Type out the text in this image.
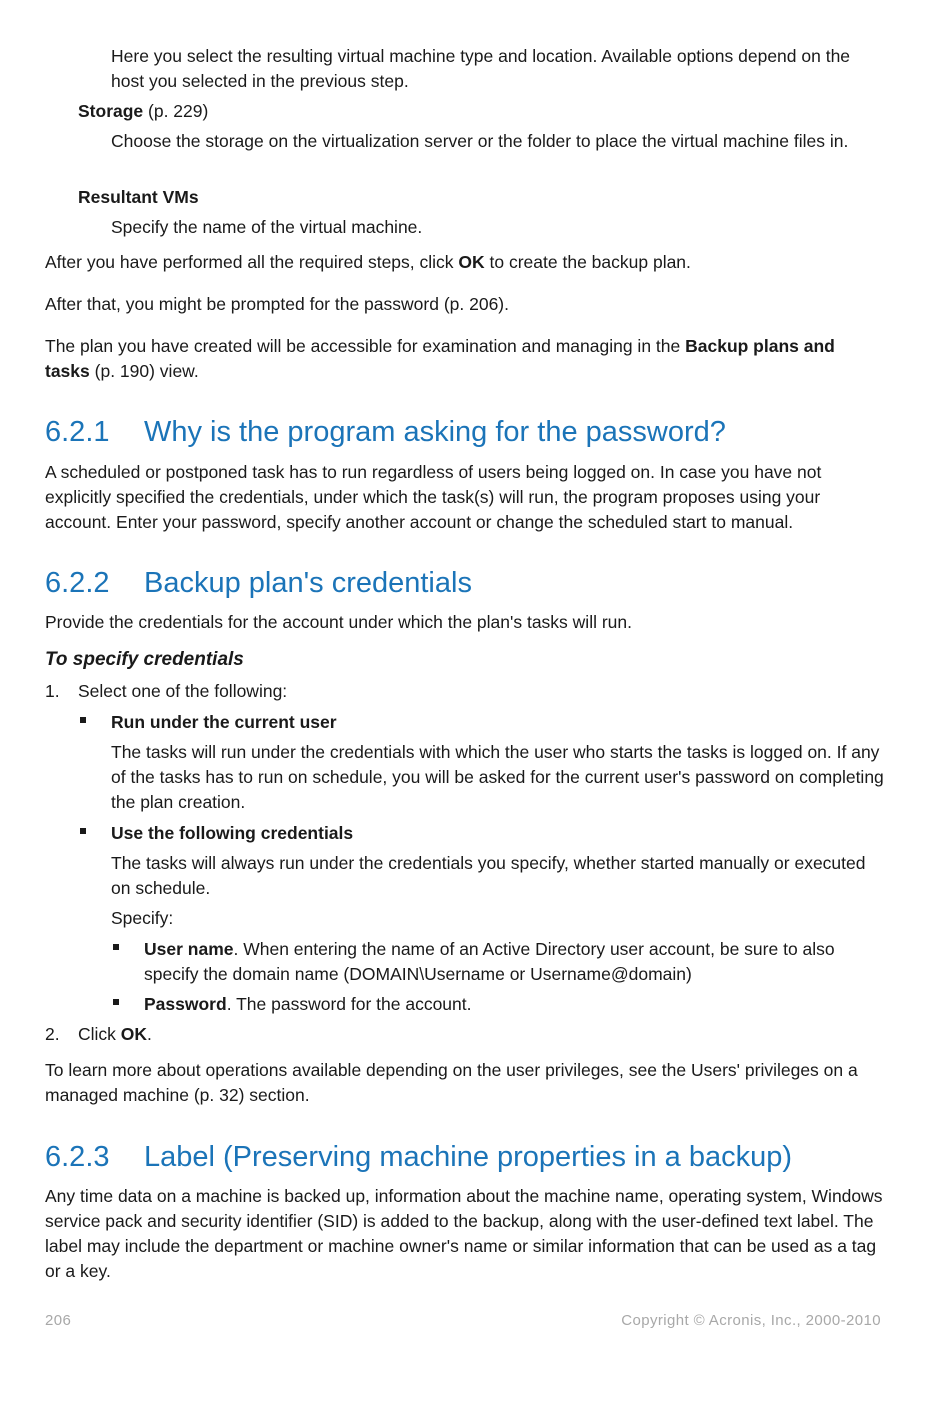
Here you select the resulting virtual machine type and location. Available options depend on the host you selected in the previous step.

Storage (p. 229)

Choose the storage on the virtualization server or the folder to place the virtual machine files in.

Resultant VMs

Specify the name of the virtual machine.

After you have performed all the required steps, click OK to create the backup plan.

After that, you might be prompted for the password (p. 206).

The plan you have created will be accessible for examination and managing in the Backup plans and tasks (p. 190) view.

6.2.1 Why is the program asking for the password?

A scheduled or postponed task has to run regardless of users being logged on. In case you have not explicitly specified the credentials, under which the task(s) will run, the program proposes using your account. Enter your password, specify another account or change the scheduled start to manual.

6.2.2 Backup plan's credentials

Provide the credentials for the account under which the plan's tasks will run.

To specify credentials

1. Select one of the following:

Run under the current user

The tasks will run under the credentials with which the user who starts the tasks is logged on. If any of the tasks has to run on schedule, you will be asked for the current user's password on completing the plan creation.

Use the following credentials

The tasks will always run under the credentials you specify, whether started manually or executed on schedule.

Specify:

User name. When entering the name of an Active Directory user account, be sure to also specify the domain name (DOMAIN\Username or Username@domain)

Password. The password for the account.

2. Click OK.

To learn more about operations available depending on the user privileges, see the Users' privileges on a managed machine (p. 32) section.

6.2.3 Label (Preserving machine properties in a backup)

Any time data on a machine is backed up, information about the machine name, operating system, Windows service pack and security identifier (SID) is added to the backup, along with the user-defined text label. The label may include the department or machine owner's name or similar information that can be used as a tag or a key.

206	Copyright © Acronis, Inc., 2000-2010
